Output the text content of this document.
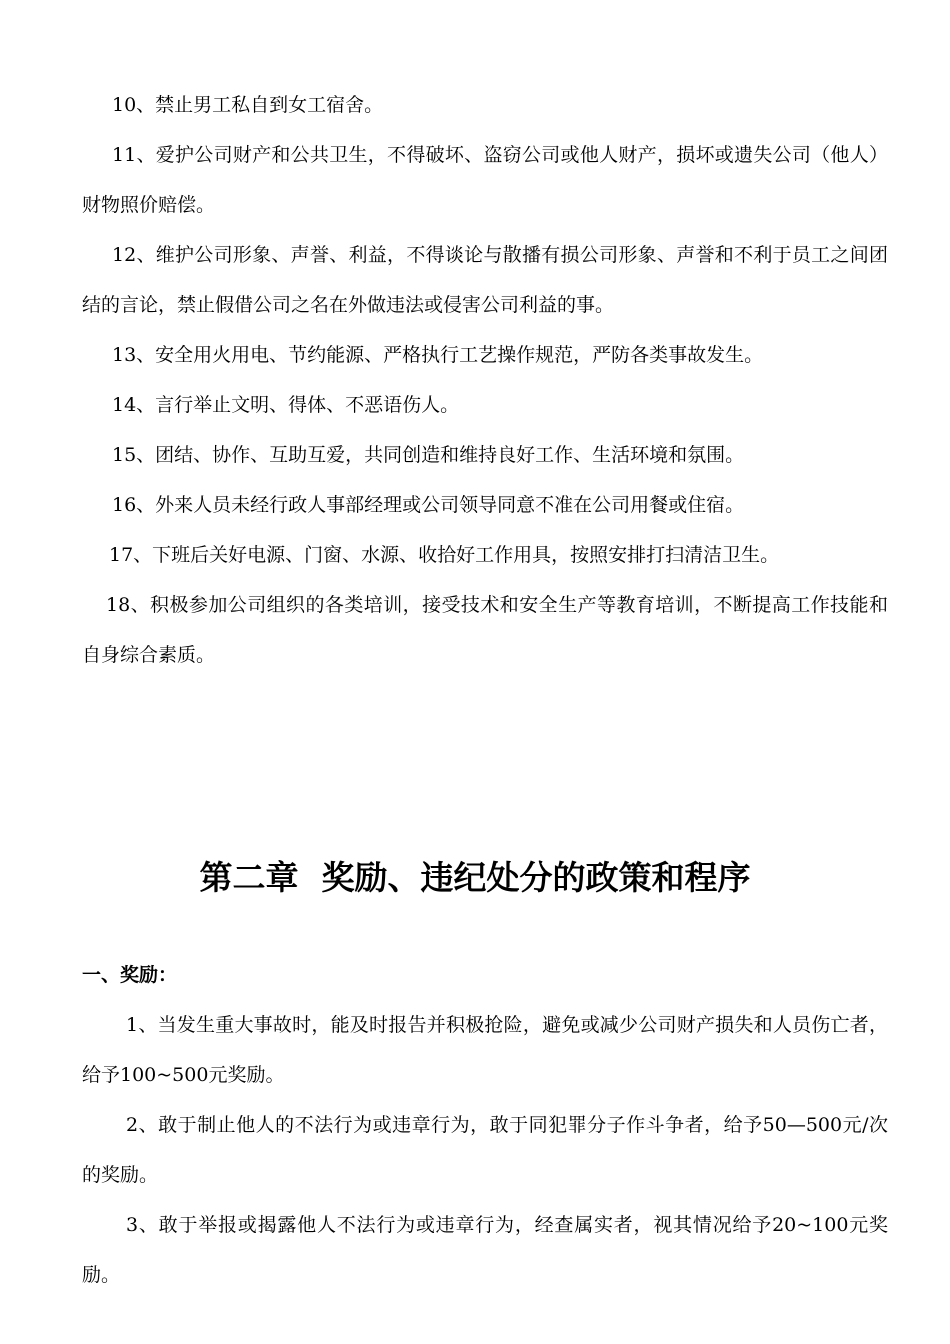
10、禁止男工私自到女工宿舍。
11、爱护公司财产和公共卫生，不得破坏、盗窃公司或他人财产，损坏或遗失公司（他人）财物照价赔偿。
12、维护公司形象、声誉、利益，不得谈论与散播有损公司形象、声誉和不利于员工之间团结的言论，禁止假借公司之名在外做违法或侵害公司利益的事。
13、安全用火用电、节约能源、严格执行工艺操作规范，严防各类事故发生。
14、言行举止文明、得体、不恶语伤人。
15、团结、协作、互助互爱，共同创造和维持良好工作、生活环境和氛围。
16、外来人员未经行政人事部经理或公司领导同意不准在公司用餐或住宿。
17、下班后关好电源、门窗、水源、收拾好工作用具，按照安排打扫清洁卫生。
18、积极参加公司组织的各类培训，接受技术和安全生产等教育培训，不断提高工作技能和自身综合素质。
第二章  奖励、违纪处分的政策和程序
一、奖励：
1、当发生重大事故时，能及时报告并积极抢险，避免或减少公司财产损失和人员伤亡者，给予100~500元奖励。
2、敢于制止他人的不法行为或违章行为，敢于同犯罪分子作斗争者，给予50—500元/次的奖励。
3、敢于举报或揭露他人不法行为或违章行为，经查属实者，视其情况给予20~100元奖励。
